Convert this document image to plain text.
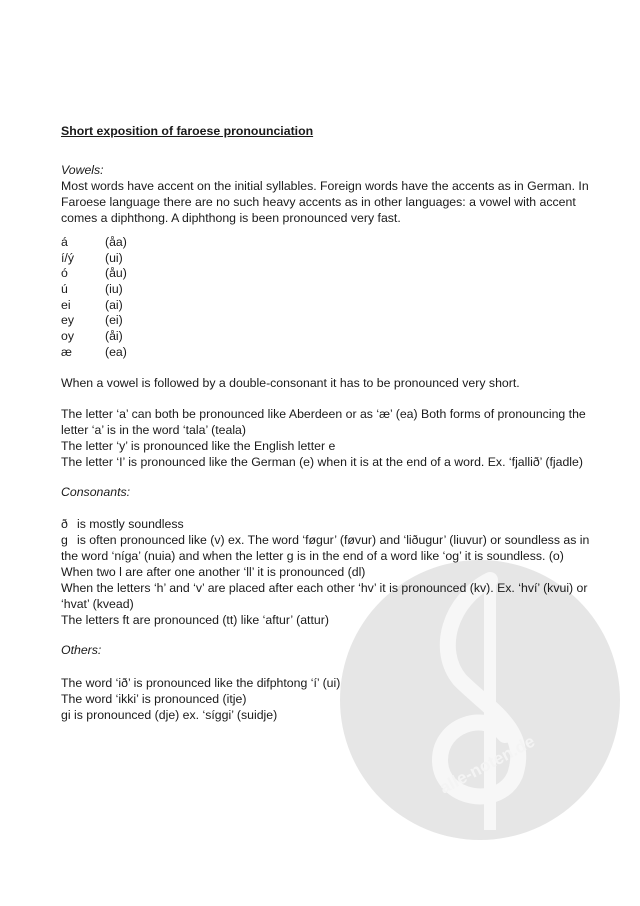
alle-noten.de
Short exposition of faroese pronounciation
Vowels:
Most words have accent on the initial syllables. Foreign words have the accents as in German. In Faroese language there are no such heavy accents as in other languages: a vowel with accent comes a diphthong. A diphthong is been pronounced very fast.
á	(åa)
í/ý	(ui)
ó	(åu)
ú	(iu)
ei	(ai)
ey	(ei)
oy	(åi)
æ	(ea)
When a vowel is followed by a double-consonant it has to be pronounced very short.
The letter ‘a’ can both be pronounced like Aberdeen or as ‘æ’ (ea) Both forms of pronouncing the letter ‘a’ is in the word ‘tala’ (teala)
The letter ‘y’ is pronounced like the English letter e
The letter ‘I’ is pronounced like the German (e) when it is at the end of a word. Ex. ‘fjallið’ (fjadle)
Consonants:
ð is mostly soundless
g is often pronounced like (v) ex. The word ‘føgur’ (føvur) and ‘liðugur’ (liuvur) or soundless as in the word ‘níga’ (nuia) and when the letter g is in the end of a word like ‘og’ it is soundless. (o)
When two l are after one another ‘ll’ it is pronounced (dl)
When the letters ‘h’ and ‘v’ are placed after each other ‘hv’ it is pronounced (kv). Ex. ‘hví’ (kvui) or ‘hvat’ (kvead)
The letters ft are pronounced (tt) like ‘aftur’ (attur)
Others:
The word ‘ið’ is pronounced like the difphtong ‘í’ (ui)
The word ‘ikki’ is pronounced (itje)
gi is pronounced (dje) ex. ‘síggi’ (suidje)
